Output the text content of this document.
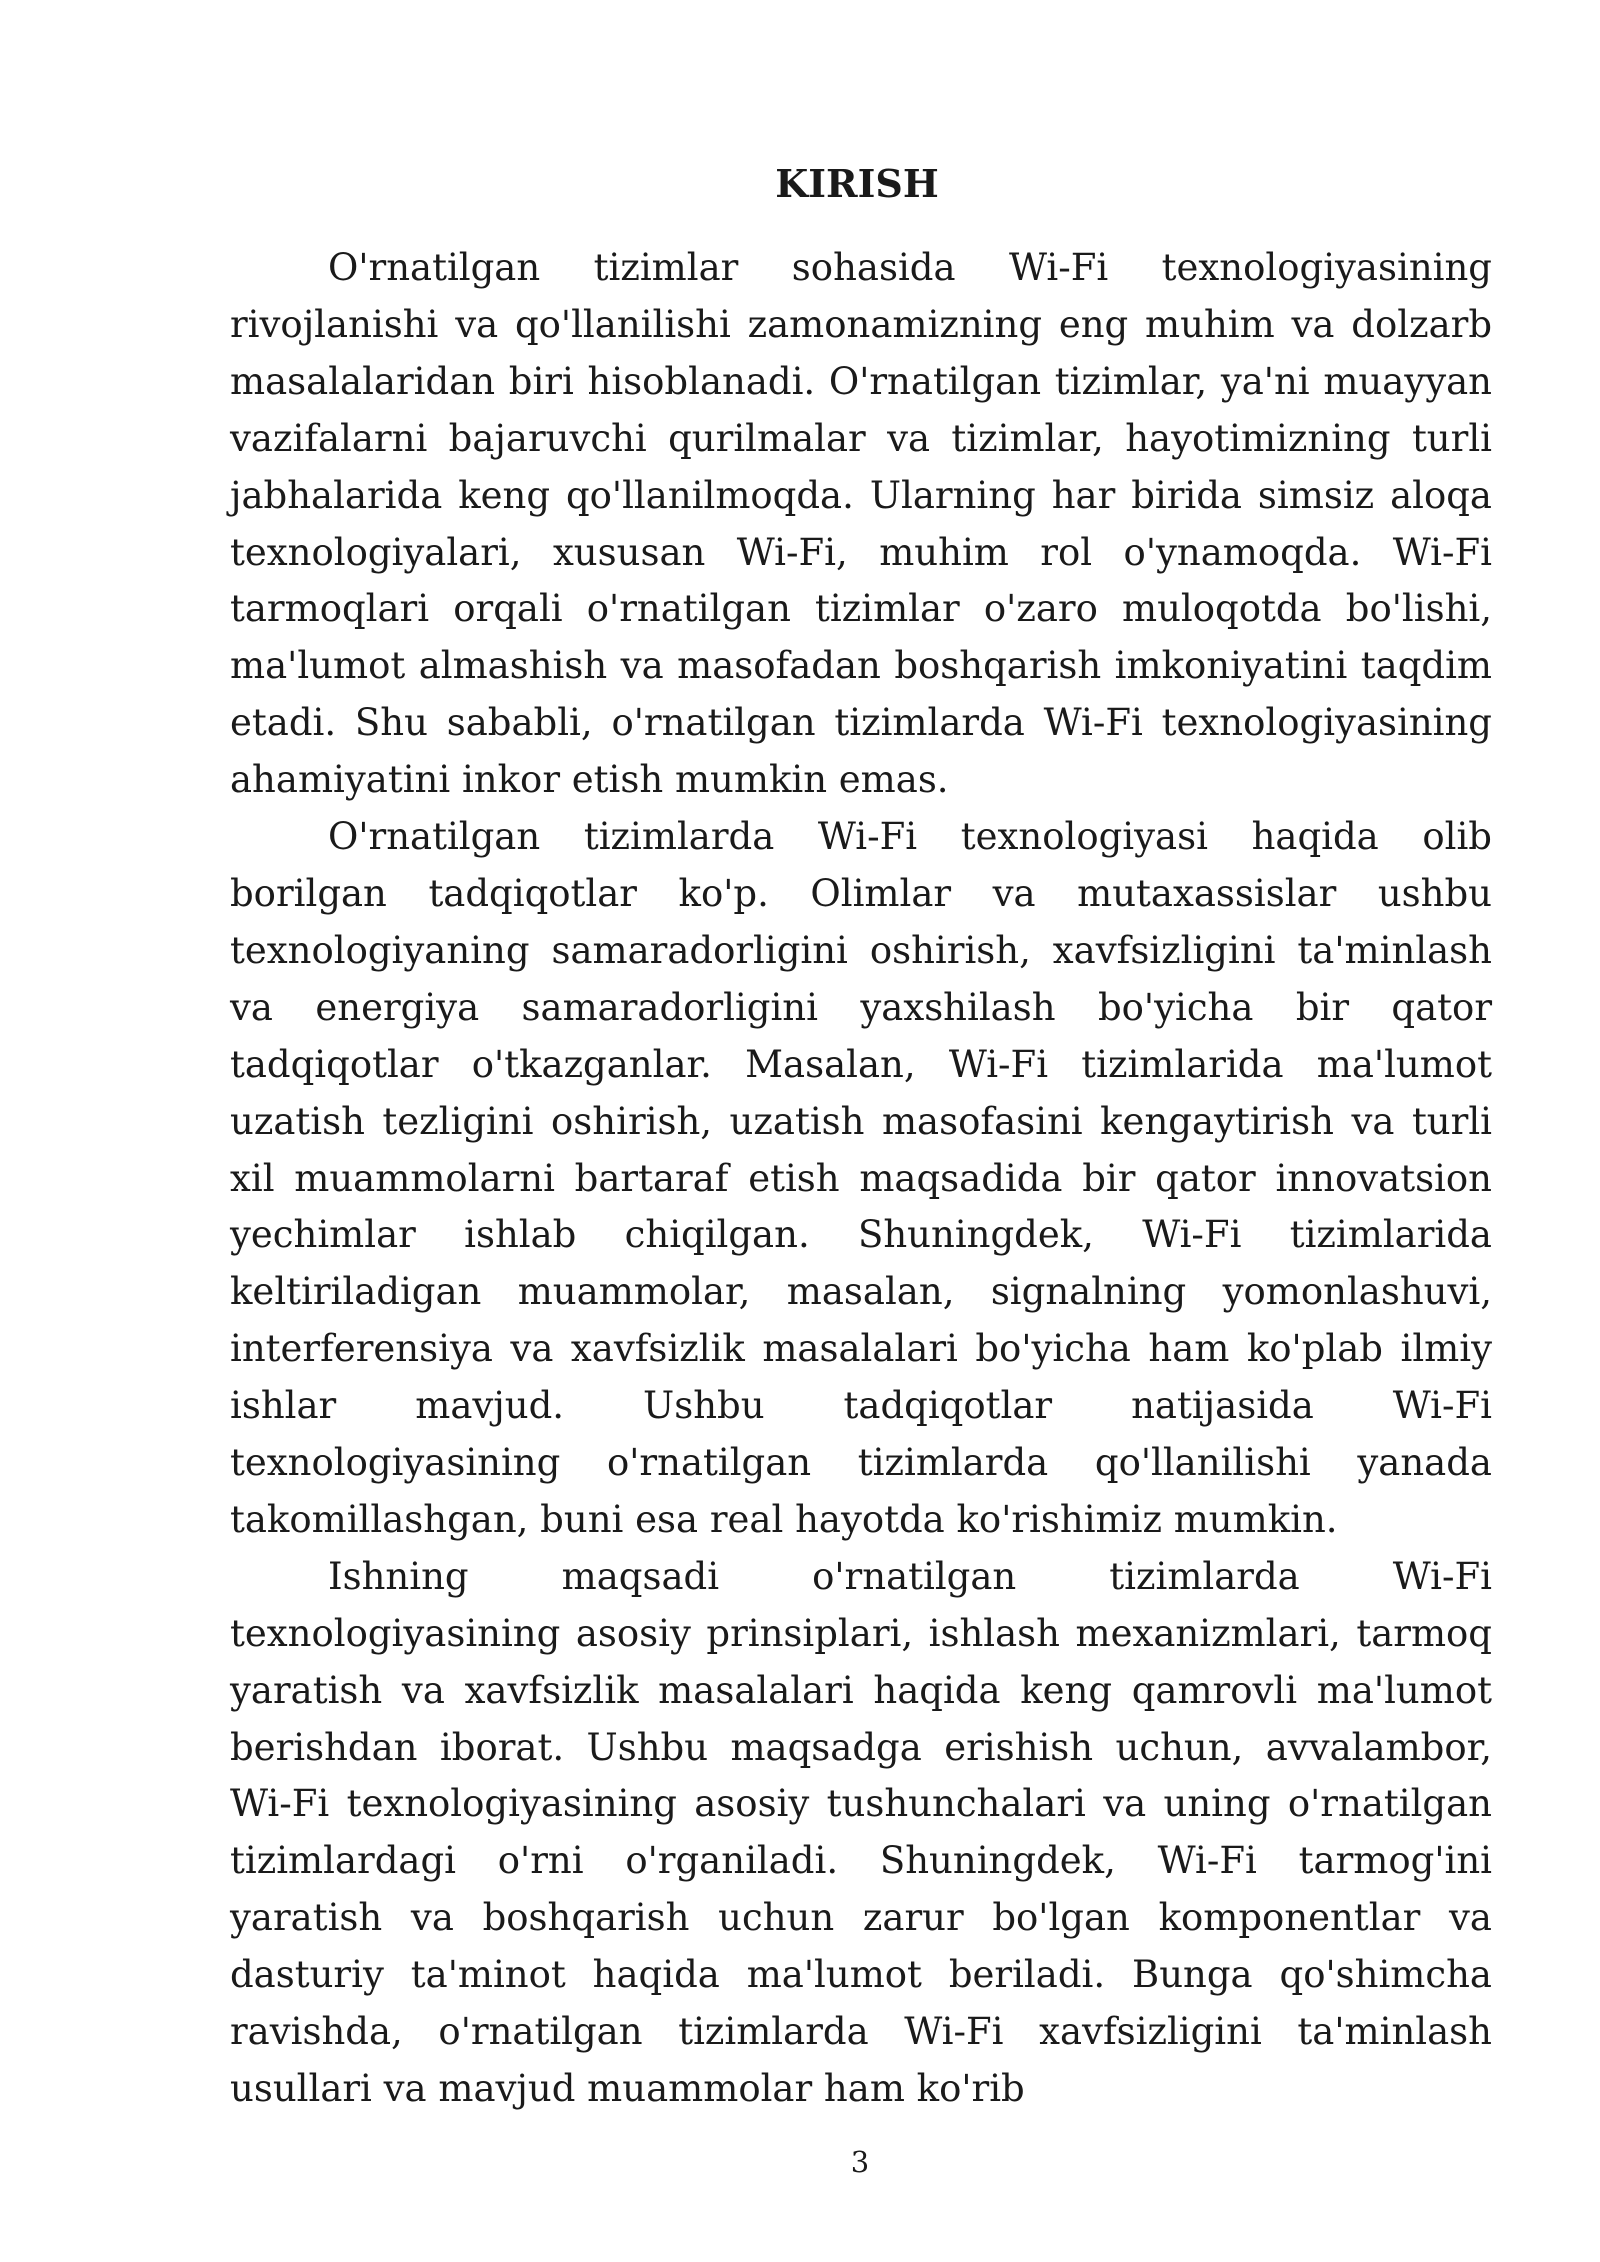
KIRISH

O'rnatilgan tizimlar sohasida Wi-Fi texnologiyasining rivojlanishi va qo'llanilishi zamonamizning eng muhim va dolzarb masalalaridan biri hisoblanadi. O'rnatilgan tizimlar, ya'ni muayyan vazifalarni bajaruvchi qurilmalar va tizimlar, hayotimizning turli jabhalarida keng qo'llanilmoqda. Ularning har birida simsiz aloqa texnologiyalari, xususan Wi-Fi, muhim rol o'ynamoqda. Wi-Fi tarmoqlari orqali o'rnatilgan tizimlar o'zaro muloqotda bo'lishi, ma'lumot almashish va masofadan boshqarish imkoniyatini taqdim etadi. Shu sababli, o'rnatilgan tizimlarda Wi-Fi texnologiyasining ahamiyatini inkor etish mumkin emas.

O'rnatilgan tizimlarda Wi-Fi texnologiyasi haqida olib borilgan tadqiqotlar ko'p. Olimlar va mutaxassislar ushbu texnologiyaning samaradorligini oshirish, xavfsizligini ta'minlash va energiya samaradorligini yaxshilash bo'yicha bir qator tadqiqotlar o'tkazganlar. Masalan, Wi-Fi tizimlarida ma'lumot uzatish tezligini oshirish, uzatish masofasini kengaytirish va turli xil muammolarni bartaraf etish maqsadida bir qator innovatsion yechimlar ishlab chiqilgan. Shuningdek, Wi-Fi tizimlarida keltiriladigan muammolar, masalan, signalning yomonlashuvi, interferensiya va xavfsizlik masalalari bo'yicha ham ko'plab ilmiy ishlar mavjud. Ushbu tadqiqotlar natijasida Wi-Fi texnologiyasining o'rnatilgan tizimlarda qo'llanilishi yanada takomillashgan, buni esa real hayotda ko'rishimiz mumkin.

Ishning maqsadi o'rnatilgan tizimlarda Wi-Fi texnologiyasining asosiy prinsiplari, ishlash mexanizmlari, tarmoq yaratish va xavfsizlik masalalari haqida keng qamrovli ma'lumot berishdan iborat. Ushbu maqsadga erishish uchun, avvalambor, Wi-Fi texnologiyasining asosiy tushunchalari va uning o'rnatilgan tizimlardagi o'rni o'rganiladi. Shuningdek, Wi-Fi tarmog'ini yaratish va boshqarish uchun zarur bo'lgan komponentlar va dasturiy ta'minot haqida ma'lumot beriladi. Bunga qo'shimcha ravishda, o'rnatilgan tizimlarda Wi-Fi xavfsizligini ta'minlash usullari va mavjud muammolar ham ko'rib

3
